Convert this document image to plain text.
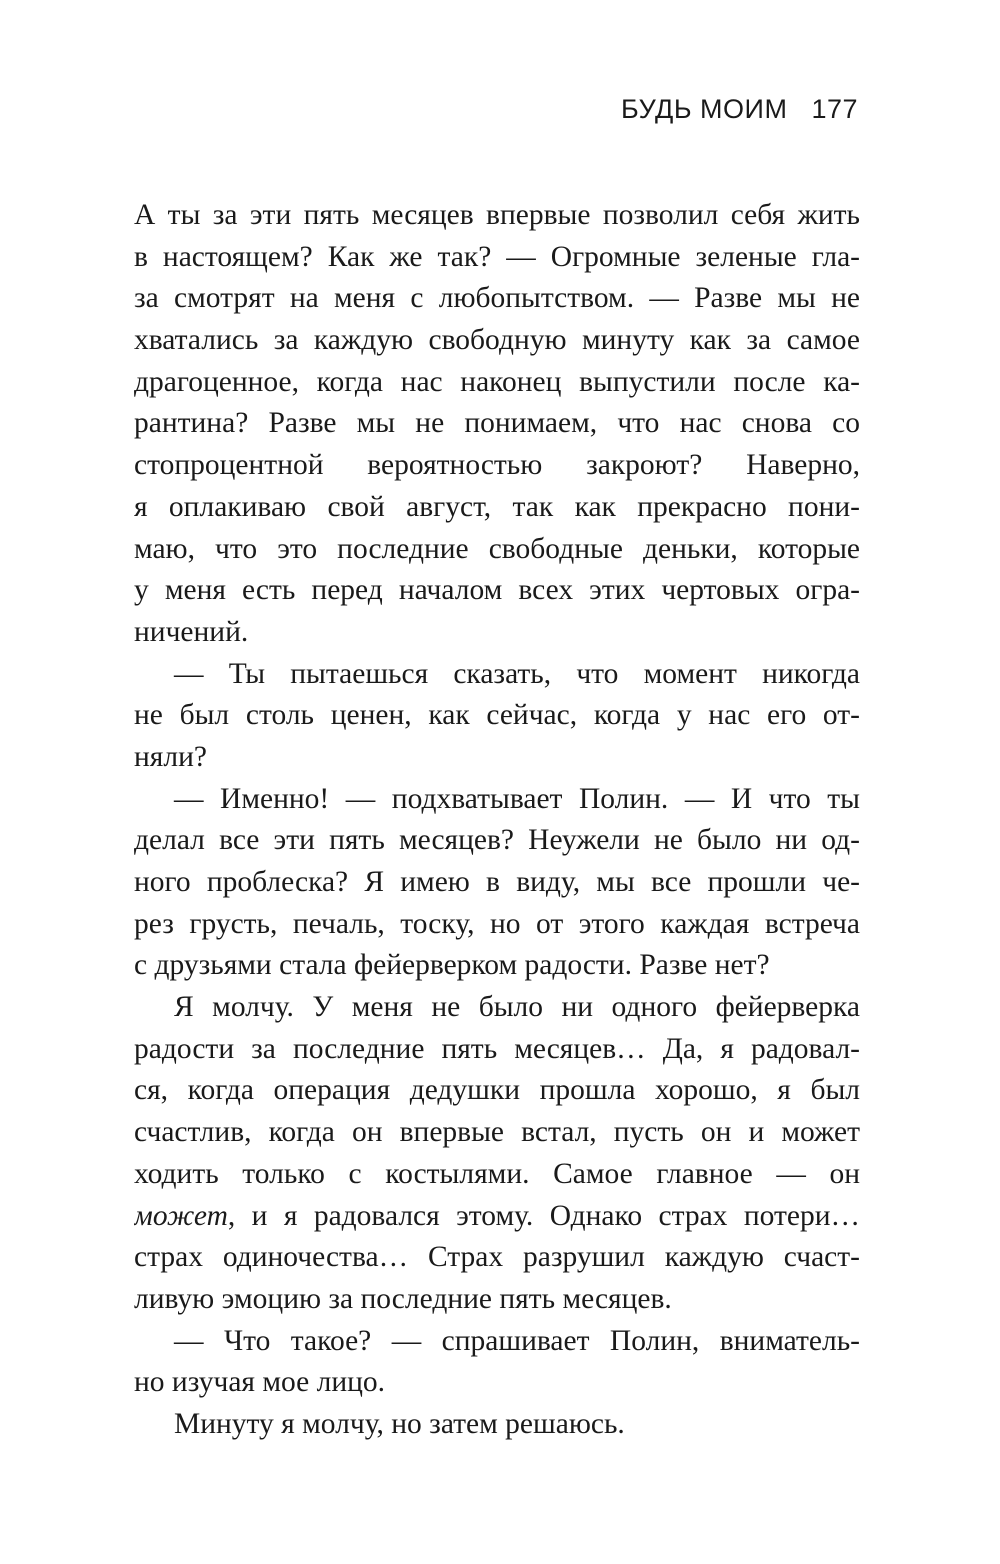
БУДЬ МОИМ 177
А ты за эти пять месяцев впервые позволил себя жить
в настоящем? Как же так? — Огромные зеленые гла-
за смотрят на меня с любопытством. — Разве мы не
хватались за каждую свободную минуту как за самое
драгоценное, когда нас наконец выпустили после ка-
рантина? Разве мы не понимаем, что нас снова со
стопроцентной вероятностью закроют? Наверно,
я оплакиваю свой август, так как прекрасно пони-
маю, что это последние свободные деньки, которые
у меня есть перед началом всех этих чертовых огра-
ничений.
— Ты пытаешься сказать, что момент никогда
не был столь ценен, как сейчас, когда у нас его от-
няли?
— Именно! — подхватывает Полин. — И что ты
делал все эти пять месяцев? Неужели не было ни од-
ного проблеска? Я имею в виду, мы все прошли че-
рез грусть, печаль, тоску, но от этого каждая встреча
с друзьями стала фейерверком радости. Разве нет?
Я молчу. У меня не было ни одного фейерверка
радости за последние пять месяцев… Да, я радовал-
ся, когда операция дедушки прошла хорошо, я был
счастлив, когда он впервые встал, пусть он и может
ходить только с костылями. Самое главное — он
может, и я радовался этому. Однако страх потери…
страх одиночества… Страх разрушил каждую счаст-
ливую эмоцию за последние пять месяцев.
— Что такое? — спрашивает Полин, вниматель-
но изучая мое лицо.
Минуту я молчу, но затем решаюсь.
